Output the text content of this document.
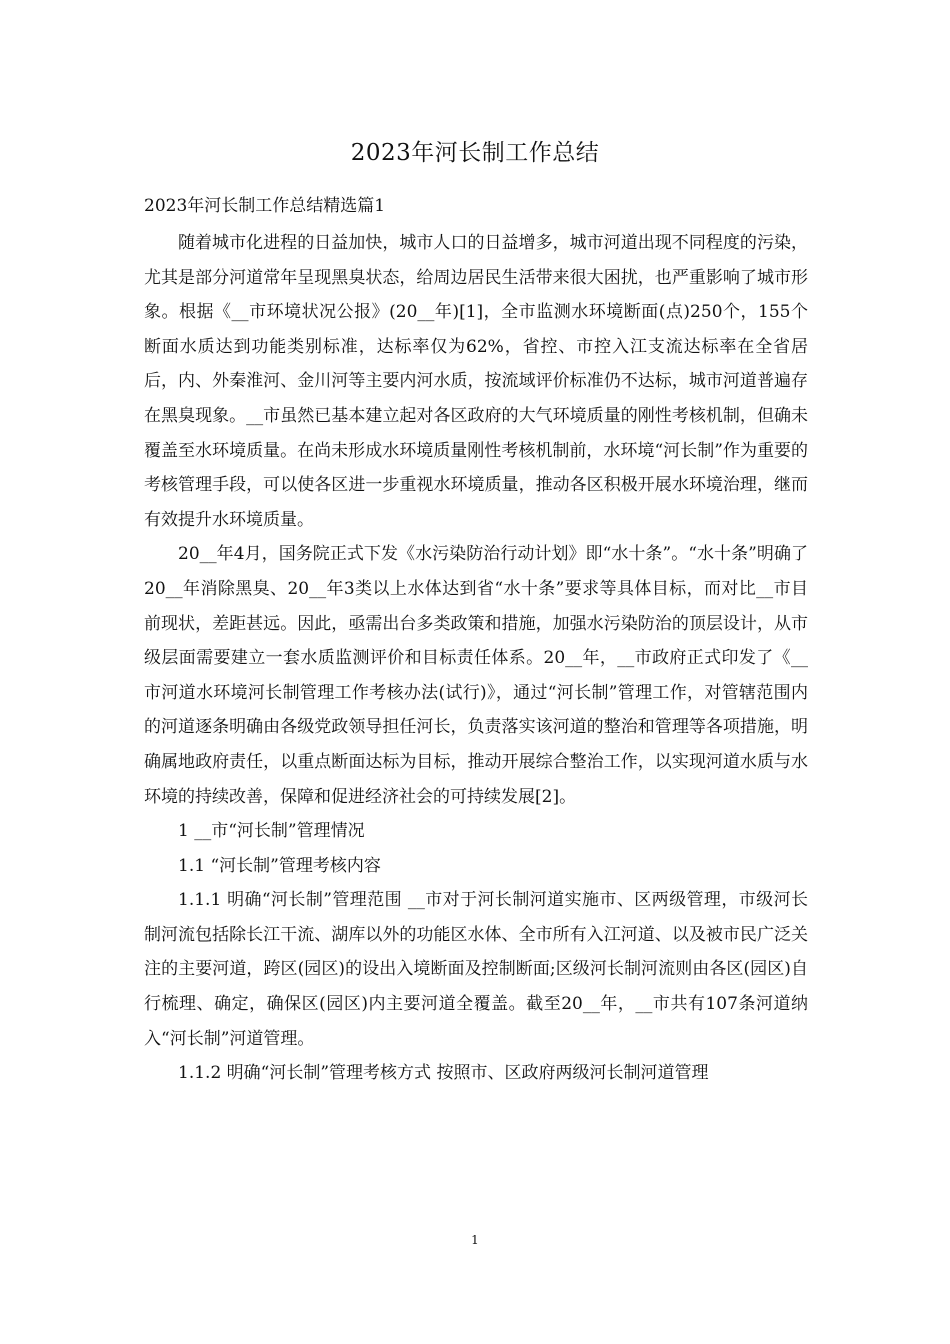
2023年河长制工作总结
2023年河长制工作总结精选篇1

随着城市化进程的日益加快，城市人口的日益增多，城市河道出现不同程度的污染，尤其是部分河道常年呈现黑臭状态，给周边居民生活带来很大困扰，也严重影响了城市形象。根据《__市环境状况公报》(20__年)[1]，全市监测水环境断面(点)250个，155个断面水质达到功能类别标准，达标率仅为62%，省控、市控入江支流达标率在全省居后，内、外秦淮河、金川河等主要内河水质，按流域评价标准仍不达标，城市河道普遍存在黑臭现象。__市虽然已基本建立起对各区政府的大气环境质量的刚性考核机制，但确未覆盖至水环境质量。在尚未形成水环境质量刚性考核机制前，水环境“河长制”作为重要的考核管理手段，可以使各区进一步重视水环境质量，推动各区积极开展水环境治理，继而有效提升水环境质量。

20__年4月，国务院正式下发《水污染防治行动计划》即“水十条”。“水十条”明确了20__年消除黑臭、20__年3类以上水体达到省“水十条”要求等具体目标，而对比__市目前现状，差距甚远。因此，亟需出台多类政策和措施，加强水污染防治的顶层设计，从市级层面需要建立一套水质监测评价和目标责任体系。20__年，__市政府正式印发了《__市河道水环境河长制管理工作考核办法(试行)》，通过“河长制”管理工作，对管辖范围内的河道逐条明确由各级党政领导担任河长，负责落实该河道的整治和管理等各项措施，明确属地政府责任，以重点断面达标为目标，推动开展综合整治工作，以实现河道水质与水环境的持续改善，保障和促进经济社会的可持续发展[2]。

1 __市“河长制”管理情况

1.1 “河长制”管理考核内容

1.1.1 明确“河长制”管理范围 __市对于河长制河道实施市、区两级管理，市级河长制河流包括除长江干流、湖库以外的功能区水体、全市所有入江河道、以及被市民广泛关注的主要河道，跨区(园区)的设出入境断面及控制断面;区级河长制河流则由各区(园区)自行梳理、确定，确保区(园区)内主要河道全覆盖。截至20__年，__市共有107条河道纳入“河长制”河道管理。

1.1.2 明确“河长制”管理考核方式 按照市、区政府两级河长制河道管理

1
